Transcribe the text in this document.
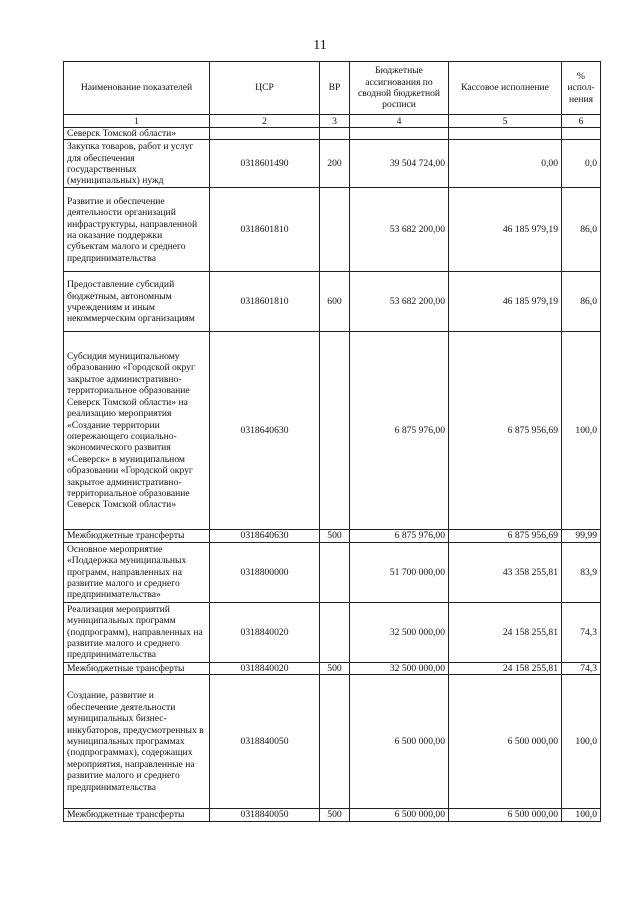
11
Наименование показателей	ЦСР	ВР	Бюджетные ассигнования по сводной бюджетной росписи	Кассовое исполнение	% испол-нения
1	2	3	4	5	6
Северск Томской области»					
Закупка товаров, работ и услуг для обеспечения государственных (муниципальных) нужд	0318601490	200	39 504 724,00	0,00	0,0
Развитие и обеспечение деятельности организаций инфраструктуры, направленной на оказание поддержки субъектам малого и среднего предпринимательства	0318601810		53 682 200,00	46 185 979,19	86,0
Предоставление субсидий бюджетным, автономным учреждениям и иным некоммерческим организациям	0318601810	600	53 682 200,00	46 185 979,19	86,0
Субсидия муниципальному образованию «Городской округ закрытое административно-территориальное образование Северск Томской области» на реализацию мероприятия «Создание территории опережающего социально-экономического развития «Северск» в муниципальном образовании «Городской округ закрытое административно-территориальное образование Северск Томской области»	0318640630		6 875 976,00	6 875 956,69	100,0
Межбюджетные трансферты	0318640630	500	6 875 976,00	6 875 956,69	99,99
Основное мероприятие «Поддержка муниципальных программ, направленных на развитие малого и среднего предпринимательства»	0318800000		51 700 000,00	43 358 255,81	83,9
Реализация мероприятий муниципальных программ (подпрограмм), направленных на развитие малого и среднего предпринимательства	0318840020		32 500 000,00	24 158 255,81	74,3
Межбюджетные трансферты	0318840020	500	32 500 000,00	24 158 255,81	74,3
Создание, развитие и обеспечение деятельности муниципальных бизнес-инкубаторов, предусмотренных в муниципальных программах (подпрограммах), содержащих мероприятия, направленные на развитие малого и среднего предпринимательства	0318840050		6 500 000,00	6 500 000,00	100,0
Межбюджетные трансферты	0318840050	500	6 500 000,00	6 500 000,00	100,0
